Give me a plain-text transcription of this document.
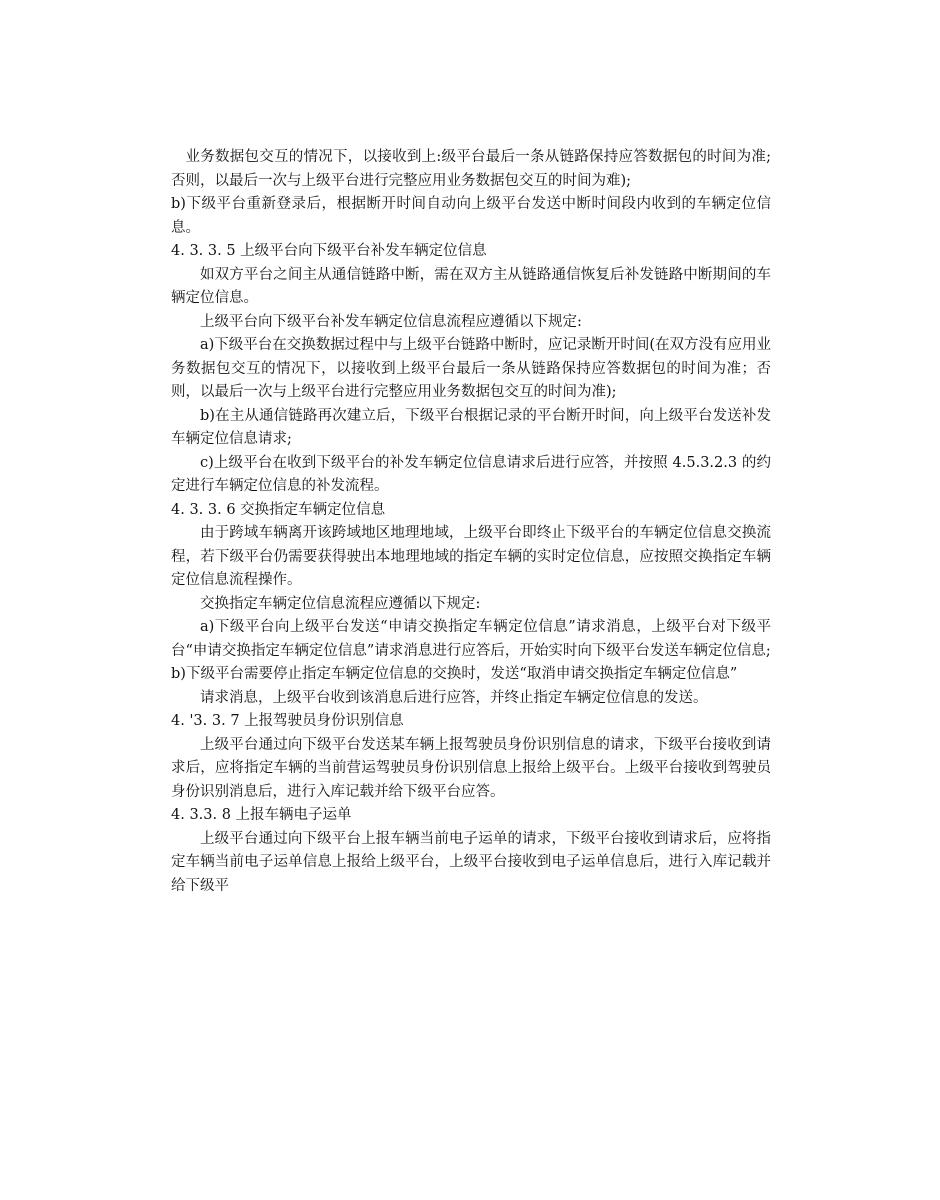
业务数据包交互的情况下，以接收到上:级平台最后一条从链路保持应答数据包的时间为准;否则，以最后一次与上级平台进行完整应用业务数据包交互的时间为难);

b)下级平台重新登录后，根据断开时间自动向上级平台发送中断时间段内收到的车辆定位信息。

4. 3. 3. 5 上级平台向下级平台补发车辆定位信息

如双方平台之间主从通信链路中断，需在双方主从链路通信恢复后补发链路中断期间的车辆定位信息。

上级平台向下级平台补发车辆定位信息流程应遵循以下规定:

a)下级平台在交换数据过程中与上级平台链路中断时，应记录断开时间(在双方没有应用业务数据包交互的情况下，以接收到上级平台最后一条从链路保持应答数据包的时间为准；否则，以最后一次与上级平台进行完整应用业务数据包交互的时间为准);

b)在主从通信链路再次建立后，下级平台根据记录的平台断开时间，向上级平台发送补发车辆定位信息请求;

c)上级平台在收到下级平台的补发车辆定位信息请求后进行应答，并按照 4.5.3.2.3 的约定进行车辆定位信息的补发流程。

4. 3. 3. 6 交换指定车辆定位信息

由于跨域车辆离开该跨域地区地理地域，上级平台即终止下级平台的车辆定位信息交换流程，若下级平台仍需要获得驶出本地理地域的指定车辆的实时定位信息，应按照交换指定车辆定位信息流程操作。

交换指定车辆定位信息流程应遵循以下规定:

a)下级平台向上级平台发送“申请交换指定车辆定位信息”请求消息，上级平台对下级平台“申请交换指定车辆定位信息”请求消息进行应答后，开始实时向下级平台发送车辆定位信息;

b)下级平台需要停止指定车辆定位信息的交换时，发送“取消申请交换指定车辆定位信息”

请求消息，上级平台收到该消息后进行应答，并终止指定车辆定位信息的发送。

4. '3. 3. 7 上报驾驶员身份识别信息

上级平台通过向下级平台发送某车辆上报驾驶员身份识别信息的请求，下级平台接收到请求后，应将指定车辆的当前营运驾驶员身份识别信息上报给上级平台。上级平台接收到驾驶员身份识别消息后，进行入库记载并给下级平台应答。

4. 3.3. 8 上报车辆电子运单

上级平台通过向下级平台上报车辆当前电子运单的请求，下级平台接收到请求后，应将指定车辆当前电子运单信息上报给上级平台，上级平台接收到电子运单信息后，进行入库记载并给下级平
